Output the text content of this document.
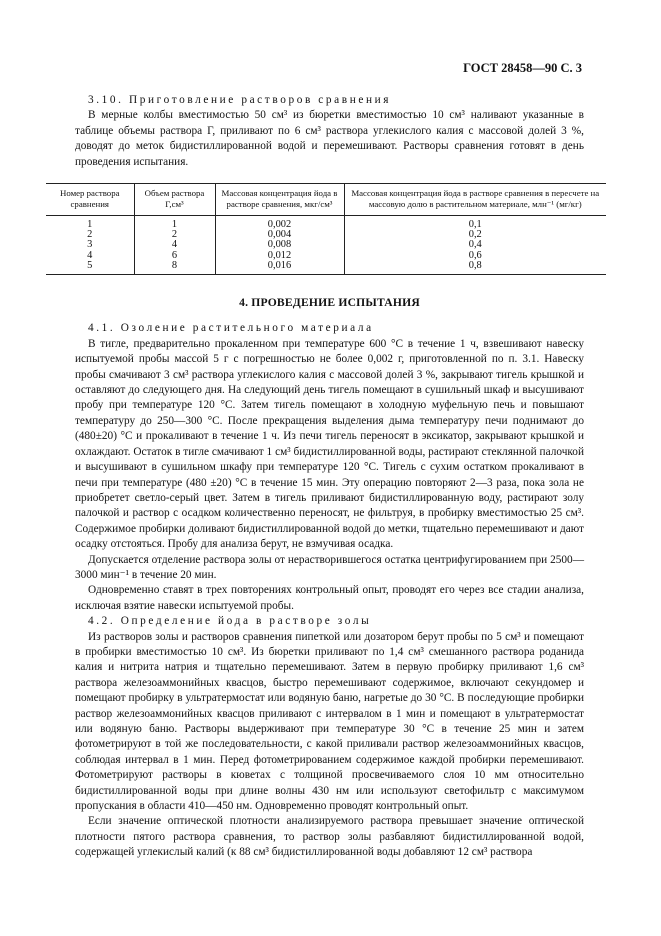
ГОСТ 28458—90 С. 3

3.10. Приготовление растворов сравнения

В мерные колбы вместимостью 50 см³ из бюретки вместимостью 10 см³ наливают указанные в таблице объемы раствора Г, приливают по 6 см³ раствора углекислого калия с массовой долей 3 %, доводят до меток бидистиллированной водой и перемешивают. Растворы сравнения готовят в день проведения испытания.

Номер раствора сравнения	Объем раствора Г,см³	Массовая концентрация йода в растворе сравнения, мкг/см³	Массовая концентрация йода в растворе сравнения в пересчете на массовую долю в растительном материале, млн⁻¹ (мг/кг)
1	1	0,002	0,1
2	2	0,004	0,2
3	4	0,008	0,4
4	6	0,012	0,6
5	8	0,016	0,8
4. ПРОВЕДЕНИЕ ИСПЫТАНИЯ

4.1. Озоление растительного материала

В тигле, предварительно прокаленном при температуре 600 °С в течение 1 ч, взвешивают навеску испытуемой пробы массой 5 г с погрешностью не более 0,002 г, приготовленной по п. 3.1. Навеску пробы смачивают 3 см³ раствора углекислого калия с массовой долей 3 %, закрывают тигель крышкой и оставляют до следующего дня. На следующий день тигель помещают в сушильный шкаф и высушивают пробу при температуре 120 °С. Затем тигель помещают в холодную муфельную печь и повышают температуру до 250—300 °С. После прекращения выделения дыма температуру печи поднимают до (480±20) °С и прокаливают в течение 1 ч. Из печи тигель переносят в эксикатор, закрывают крышкой и охлаждают. Остаток в тигле смачивают 1 см³ бидистиллированной воды, растирают стеклянной палочкой и высушивают в сушильном шкафу при температуре 120 °С. Тигель с сухим остатком прокаливают в печи при температуре (480 ±20) °С в течение 15 мин. Эту операцию повторяют 2—3 раза, пока зола не приобретет светло-серый цвет. Затем в тигель приливают бидистиллированную воду, растирают золу палочкой и раствор с осадком количественно переносят, не фильтруя, в пробирку вместимостью 25 см³. Содержимое пробирки доливают бидистиллированной водой до метки, тщательно перемешивают и дают осадку отстояться. Пробу для анализа берут, не взмучивая осадка.

Допускается отделение раствора золы от нерастворившегося остатка центрифугированием при 2500—3000 мин⁻¹ в течение 20 мин.

Одновременно ставят в трех повторениях контрольный опыт, проводят его через все стадии анализа, исключая взятие навески испытуемой пробы.

4.2. Определение йода в растворе золы

Из растворов золы и растворов сравнения пипеткой или дозатором берут пробы по 5 см³ и помещают в пробирки вместимостью 10 см³. Из бюретки приливают по 1,4 см³ смешанного раствора роданида калия и нитрита натрия и тщательно перемешивают. Затем в первую пробирку приливают 1,6 см³ раствора железоаммонийных квасцов, быстро перемешивают содержимое, включают секундомер и помещают пробирку в ультратермостат или водяную баню, нагретые до 30 °С. В последующие пробирки раствор железоаммонийных квасцов приливают с интервалом в 1 мин и помещают в ультратермостат или водяную баню. Растворы выдерживают при температуре 30 °С в течение 25 мин и затем фотометрируют в той же последовательности, с какой приливали раствор железоаммонийных квасцов, соблюдая интервал в 1 мин. Перед фотометрированием содержимое каждой пробирки перемешивают. Фотометрируют растворы в кюветах с толщиной просвечиваемого слоя 10 мм относительно бидистиллированной воды при длине волны 430 нм или используют светофильтр с максимумом пропускания в области 410—450 нм. Одновременно проводят контрольный опыт.

Если значение оптической плотности анализируемого раствора превышает значение оптической плотности пятого раствора сравнения, то раствор золы разбавляют бидистиллированной водой, содержащей углекислый калий (к 88 см³ бидистиллированной воды добавляют 12 см³ раствора
